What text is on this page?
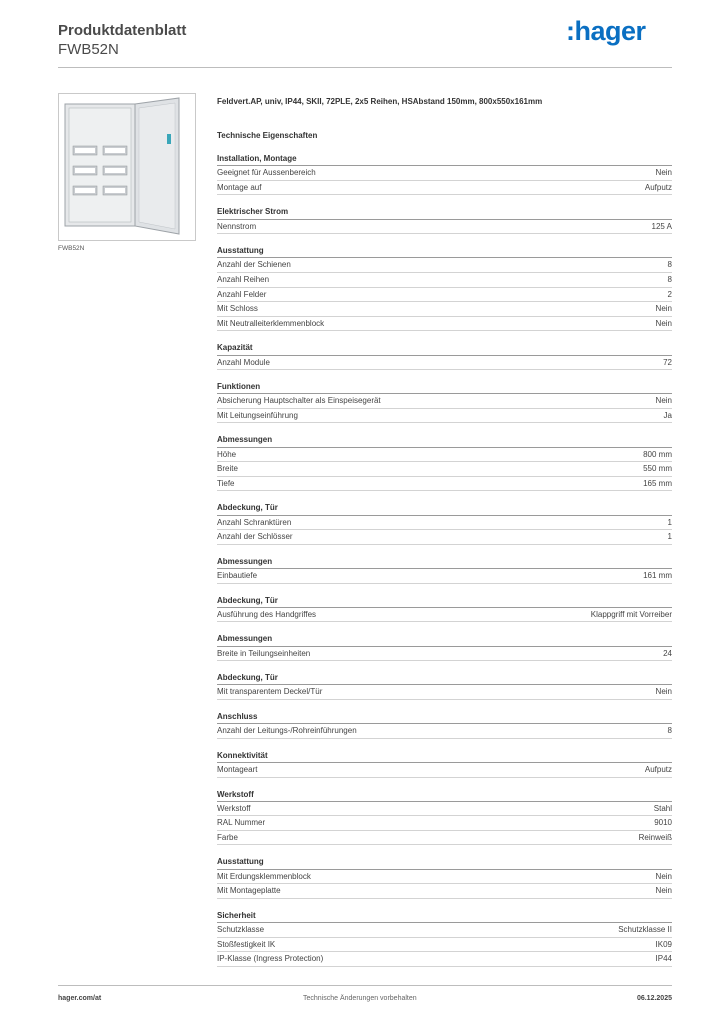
Produktdatenblatt
FWB52N
:hager
FWB52N
Feldvert.AP, univ, IP44, SKII, 72PLE, 2x5 Reihen, HSAbstand 150mm, 800x550x161mm
Technische Eigenschaften
Installation, Montage
Geeignet für Aussenbereich	Nein
Montage auf	Aufputz
Elektrischer Strom
Nennstrom	125 A
Ausstattung
Anzahl der Schienen	8
Anzahl Reihen	8
Anzahl Felder	2
Mit Schloss	Nein
Mit Neutralleiterklemmenblock	Nein
Kapazität
Anzahl Module	72
Funktionen
Absicherung Hauptschalter als Einspeisegerät	Nein
Mit Leitungseinführung	Ja
Abmessungen
Höhe	800 mm
Breite	550 mm
Tiefe	165 mm
Abdeckung, Tür
Anzahl Schranktüren	1
Anzahl der Schlösser	1
Abmessungen
Einbautiefe	161 mm
Abdeckung, Tür
Ausführung des Handgriffes	Klappgriff mit Vorreiber
Abmessungen
Breite in Teilungseinheiten	24
Abdeckung, Tür
Mit transparentem Deckel/Tür	Nein
Anschluss
Anzahl der Leitungs-/Rohreinführungen	8
Konnektivität
Montageart	Aufputz
Werkstoff
Werkstoff	Stahl
RAL Nummer	9010
Farbe	Reinweiß
Ausstattung
Mit Erdungsklemmenblock	Nein
Mit Montageplatte	Nein
Sicherheit
Schutzklasse	Schutzklasse II
Stoßfestigkeit IK	IK09
IP-Klasse (Ingress Protection)	IP44
hager.com/at	Technische Änderungen vorbehalten	06.12.2025
